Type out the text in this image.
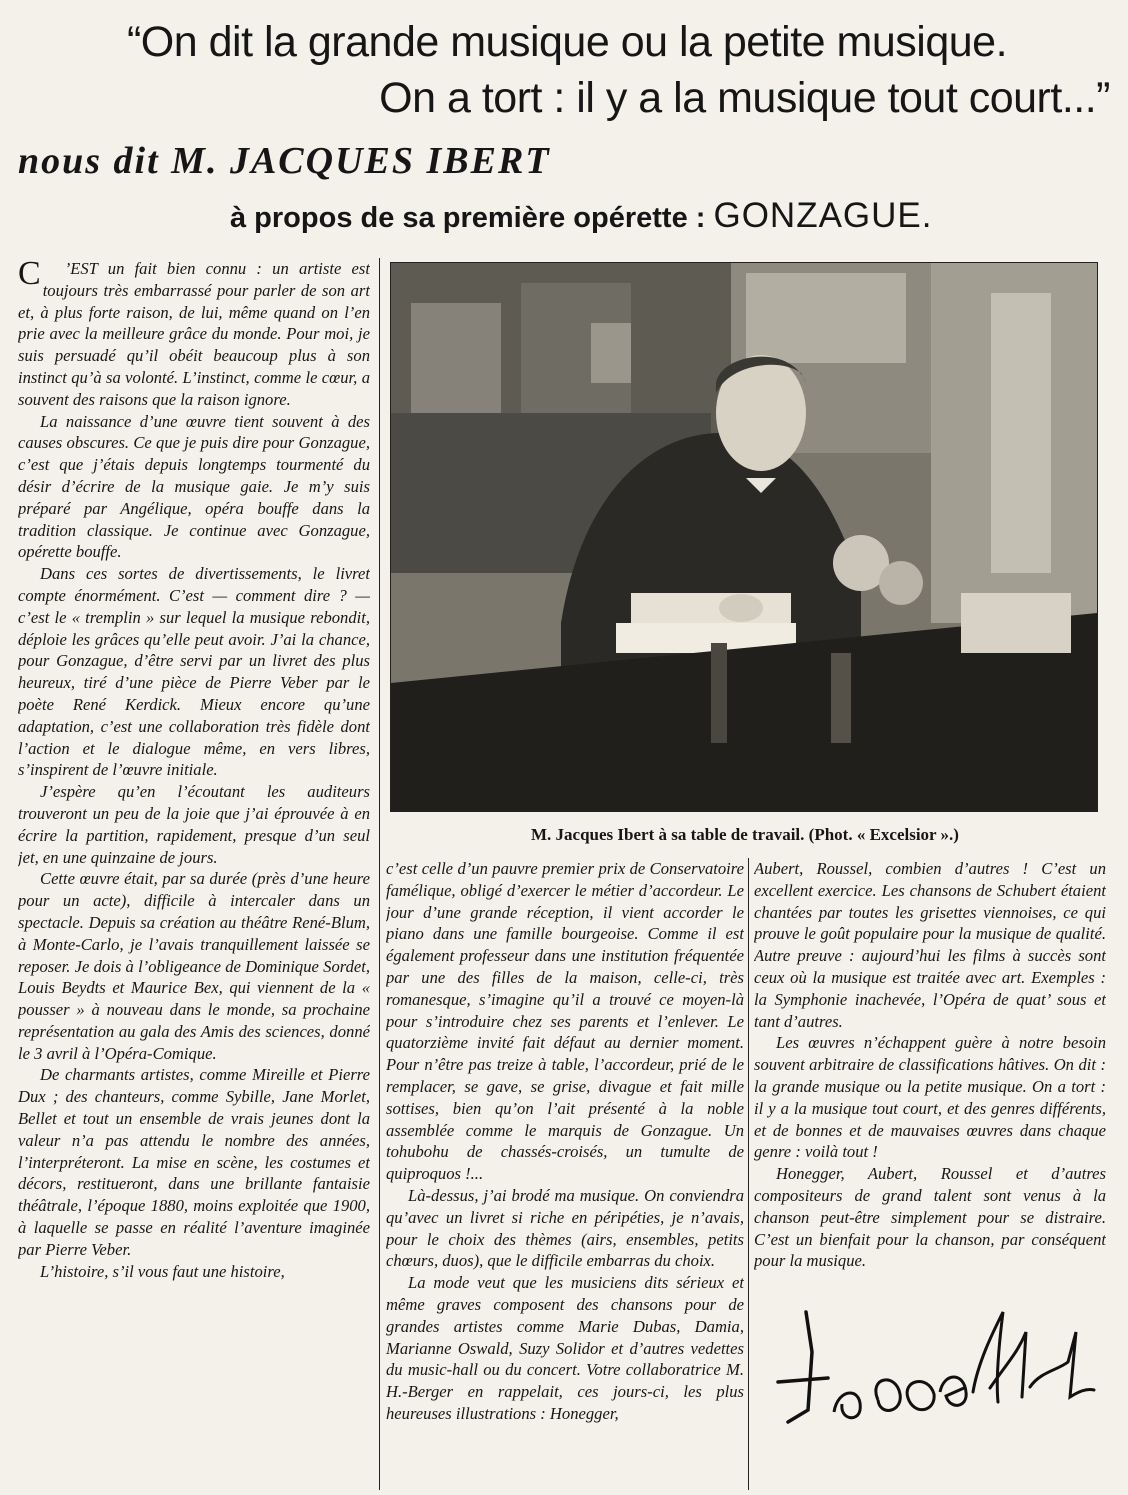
“On dit la grande musique ou la petite musique.
On a tort : il y a la musique tout court...”
nous dit M. JACQUES IBERT
à propos de sa première opérette : GONZAGUE.

C ’EST un fait bien connu : un artiste est toujours très embarrassé pour parler de son art et, à plus forte raison, de lui, même quand on l’en prie avec la meilleure grâce du monde. Pour moi, je suis persuadé qu’il obéit beaucoup plus à son instinct qu’à sa volonté. L’instinct, comme le cœur, a souvent des raisons que la raison ignore.

La naissance d’une œuvre tient souvent à des causes obscures. Ce que je puis dire pour Gonzague, c’est que j’étais depuis longtemps tourmenté du désir d’écrire de la musique gaie. Je m’y suis préparé par Angélique, opéra bouffe dans la tradition classique. Je continue avec Gonzague, opérette bouffe.

Dans ces sortes de divertissements, le livret compte énormément. C’est — comment dire ? — c’est le « tremplin » sur lequel la musique rebondit, déploie les grâces qu’elle peut avoir. J’ai la chance, pour Gonzague, d’être servi par un livret des plus heureux, tiré d’une pièce de Pierre Veber par le poète René Kerdick. Mieux encore qu’une adaptation, c’est une collaboration très fidèle dont l’action et le dialogue même, en vers libres, s’inspirent de l’œuvre initiale.

J’espère qu’en l’écoutant les auditeurs trouveront un peu de la joie que j’ai éprouvée à en écrire la partition, rapidement, presque d’un seul jet, en une quinzaine de jours.

Cette œuvre était, par sa durée (près d’une heure pour un acte), difficile à intercaler dans un spectacle. Depuis sa création au théâtre René-Blum, à Monte-Carlo, je l’avais tranquillement laissée se reposer. Je dois à l’obligeance de Dominique Sordet, Louis Beydts et Maurice Bex, qui viennent de la « pousser » à nouveau dans le monde, sa prochaine représentation au gala des Amis des sciences, donné le 3 avril à l’Opéra-Comique.

De charmants artistes, comme Mireille et Pierre Dux ; des chanteurs, comme Sybille, Jane Morlet, Bellet et tout un ensemble de vrais jeunes dont la valeur n’a pas attendu le nombre des années, l’interpréteront. La mise en scène, les costumes et décors, restitueront, dans une brillante fantaisie théâtrale, l’époque 1880, moins exploitée que 1900, à laquelle se passe en réalité l’aventure imaginée par Pierre Veber.

L’histoire, s’il vous faut une histoire,

M. Jacques Ibert à sa table de travail. (Phot. « Excelsior ».)

c’est celle d’un pauvre premier prix de Conservatoire famélique, obligé d’exercer le métier d’accordeur. Le jour d’une grande réception, il vient accorder le piano dans une famille bourgeoise. Comme il est également professeur dans une institution fréquentée par une des filles de la maison, celle-ci, très romanesque, s’imagine qu’il a trouvé ce moyen-là pour s’introduire chez ses parents et l’enlever. Le quatorzième invité fait défaut au dernier moment. Pour n’être pas treize à table, l’accordeur, prié de le remplacer, se gave, se grise, divague et fait mille sottises, bien qu’on l’ait présenté à la noble assemblée comme le marquis de Gonzague. Un tohubohu de chassés-croisés, un tumulte de quiproquos !...

Là-dessus, j’ai brodé ma musique. On conviendra qu’avec un livret si riche en péripéties, je n’avais, pour le choix des thèmes (airs, ensembles, petits chœurs, duos), que le difficile embarras du choix.

La mode veut que les musiciens dits sérieux et même graves composent des chansons pour de grandes artistes comme Marie Dubas, Damia, Marianne Oswald, Suzy Solidor et d’autres vedettes du music-hall ou du concert. Votre collaboratrice M. H.-Berger en rappelait, ces jours-ci, les plus heureuses illustrations : Honegger,

Aubert, Roussel, combien d’autres ! C’est un excellent exercice. Les chansons de Schubert étaient chantées par toutes les grisettes viennoises, ce qui prouve le goût populaire pour la musique de qualité. Autre preuve : aujourd’hui les films à succès sont ceux où la musique est traitée avec art. Exemples : la Symphonie inachevée, l’Opéra de quat’ sous et tant d’autres.

Les œuvres n’échappent guère à notre besoin souvent arbitraire de classifications hâtives. On dit : la grande musique ou la petite musique. On a tort : il y a la musique tout court, et des genres différents, et de bonnes et de mauvaises œuvres dans chaque genre : voilà tout !

Honegger, Aubert, Roussel et d’autres compositeurs de grand talent sont venus à la chanson peut-être simplement pour se distraire. C’est un bienfait pour la chanson, par conséquent pour la musique.
